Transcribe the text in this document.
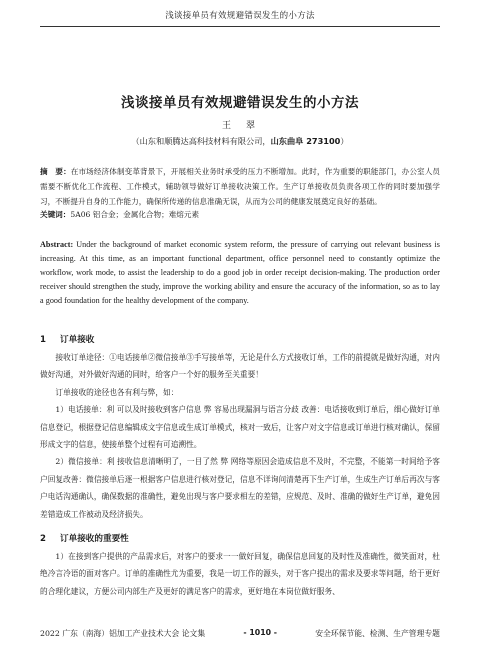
浅谈接单员有效规避错误发生的小方法
浅谈接单员有效规避错误发生的小方法
王　翠
（山东和顺腾达高科技材料有限公司，山东曲阜 273100）
摘　要：在市场经济体制变革背景下，开展相关业务时承受的压力不断增加。此时，作为重要的职能部门，办公室人员需要不断优化工作流程、工作模式，辅助领导做好订单接收决策工作。生产订单接收员负责各项工作的同时要加强学习，不断提升自身的工作能力，确保所传递的信息准确无误，从而为公司的健康发展奠定良好的基础。
关键词：5A06 铝合金；金属化合物；难熔元素
Abstract: Under the background of market economic system reform, the pressure of carrying out relevant business is increasing. At this time, as an important functional department, office personnel need to constantly optimize the workflow, work mode, to assist the leadership to do a good job in order receipt decision-making. The production order receiver should strengthen the study, improve the working ability and ensure the accuracy of the information, so as to lay a good foundation for the healthy development of the company.
1 订单接收

接收订单途径：①电话接单②微信接单③手写接单等，无论是什么方式接收订单，工作的前提就是做好沟通，对内做好沟通，对外做好沟通的同时，给客户一个好的服务至关重要！

订单接收的途径也各有利与弊，如：

1）电话接单：利 可以及时接收到客户信息 弊 容易出现漏洞与语言分歧 改善：电话接收到订单后，细心做好订单信息登记，根据登记信息编辑成文字信息或生成订单模式，核对一致后，让客户对文字信息或订单进行核对确认，保留形成文字的信息，使接单整个过程有可追溯性。

2）微信接单：利 接收信息清晰明了，一目了然 弊 网络等原因会造成信息不及时，不完整，不能第一时间给予客户回复改善：微信接单后逐一根据客户信息进行核对登记，信息不详询问清楚再下生产订单，生成生产订单后再次与客户电话沟通确认，确保数据的准确性，避免出现与客户要求相左的差错，应规范、及时、准确的做好生产订单，避免因差错造成工作被动及经济损失。

2 订单接收的重要性

1）在接到客户提供的产品需求后，对客户的要求一一做好回复，确保信息回复的及时性及准确性，微笑面对，杜绝冷言冷语的面对客户。订单的准确性尤为重要，我是一切工作的源头，对于客户提出的需求及要求等问题，给于更好的合理化建议，方便公司内部生产及更好的满足客户的需求，更好地在本岗位做好服务、

2022 广东（南海）铝加工产业技术大会 论文集	- 1010 -	安全环保节能、检测、生产管理专题
